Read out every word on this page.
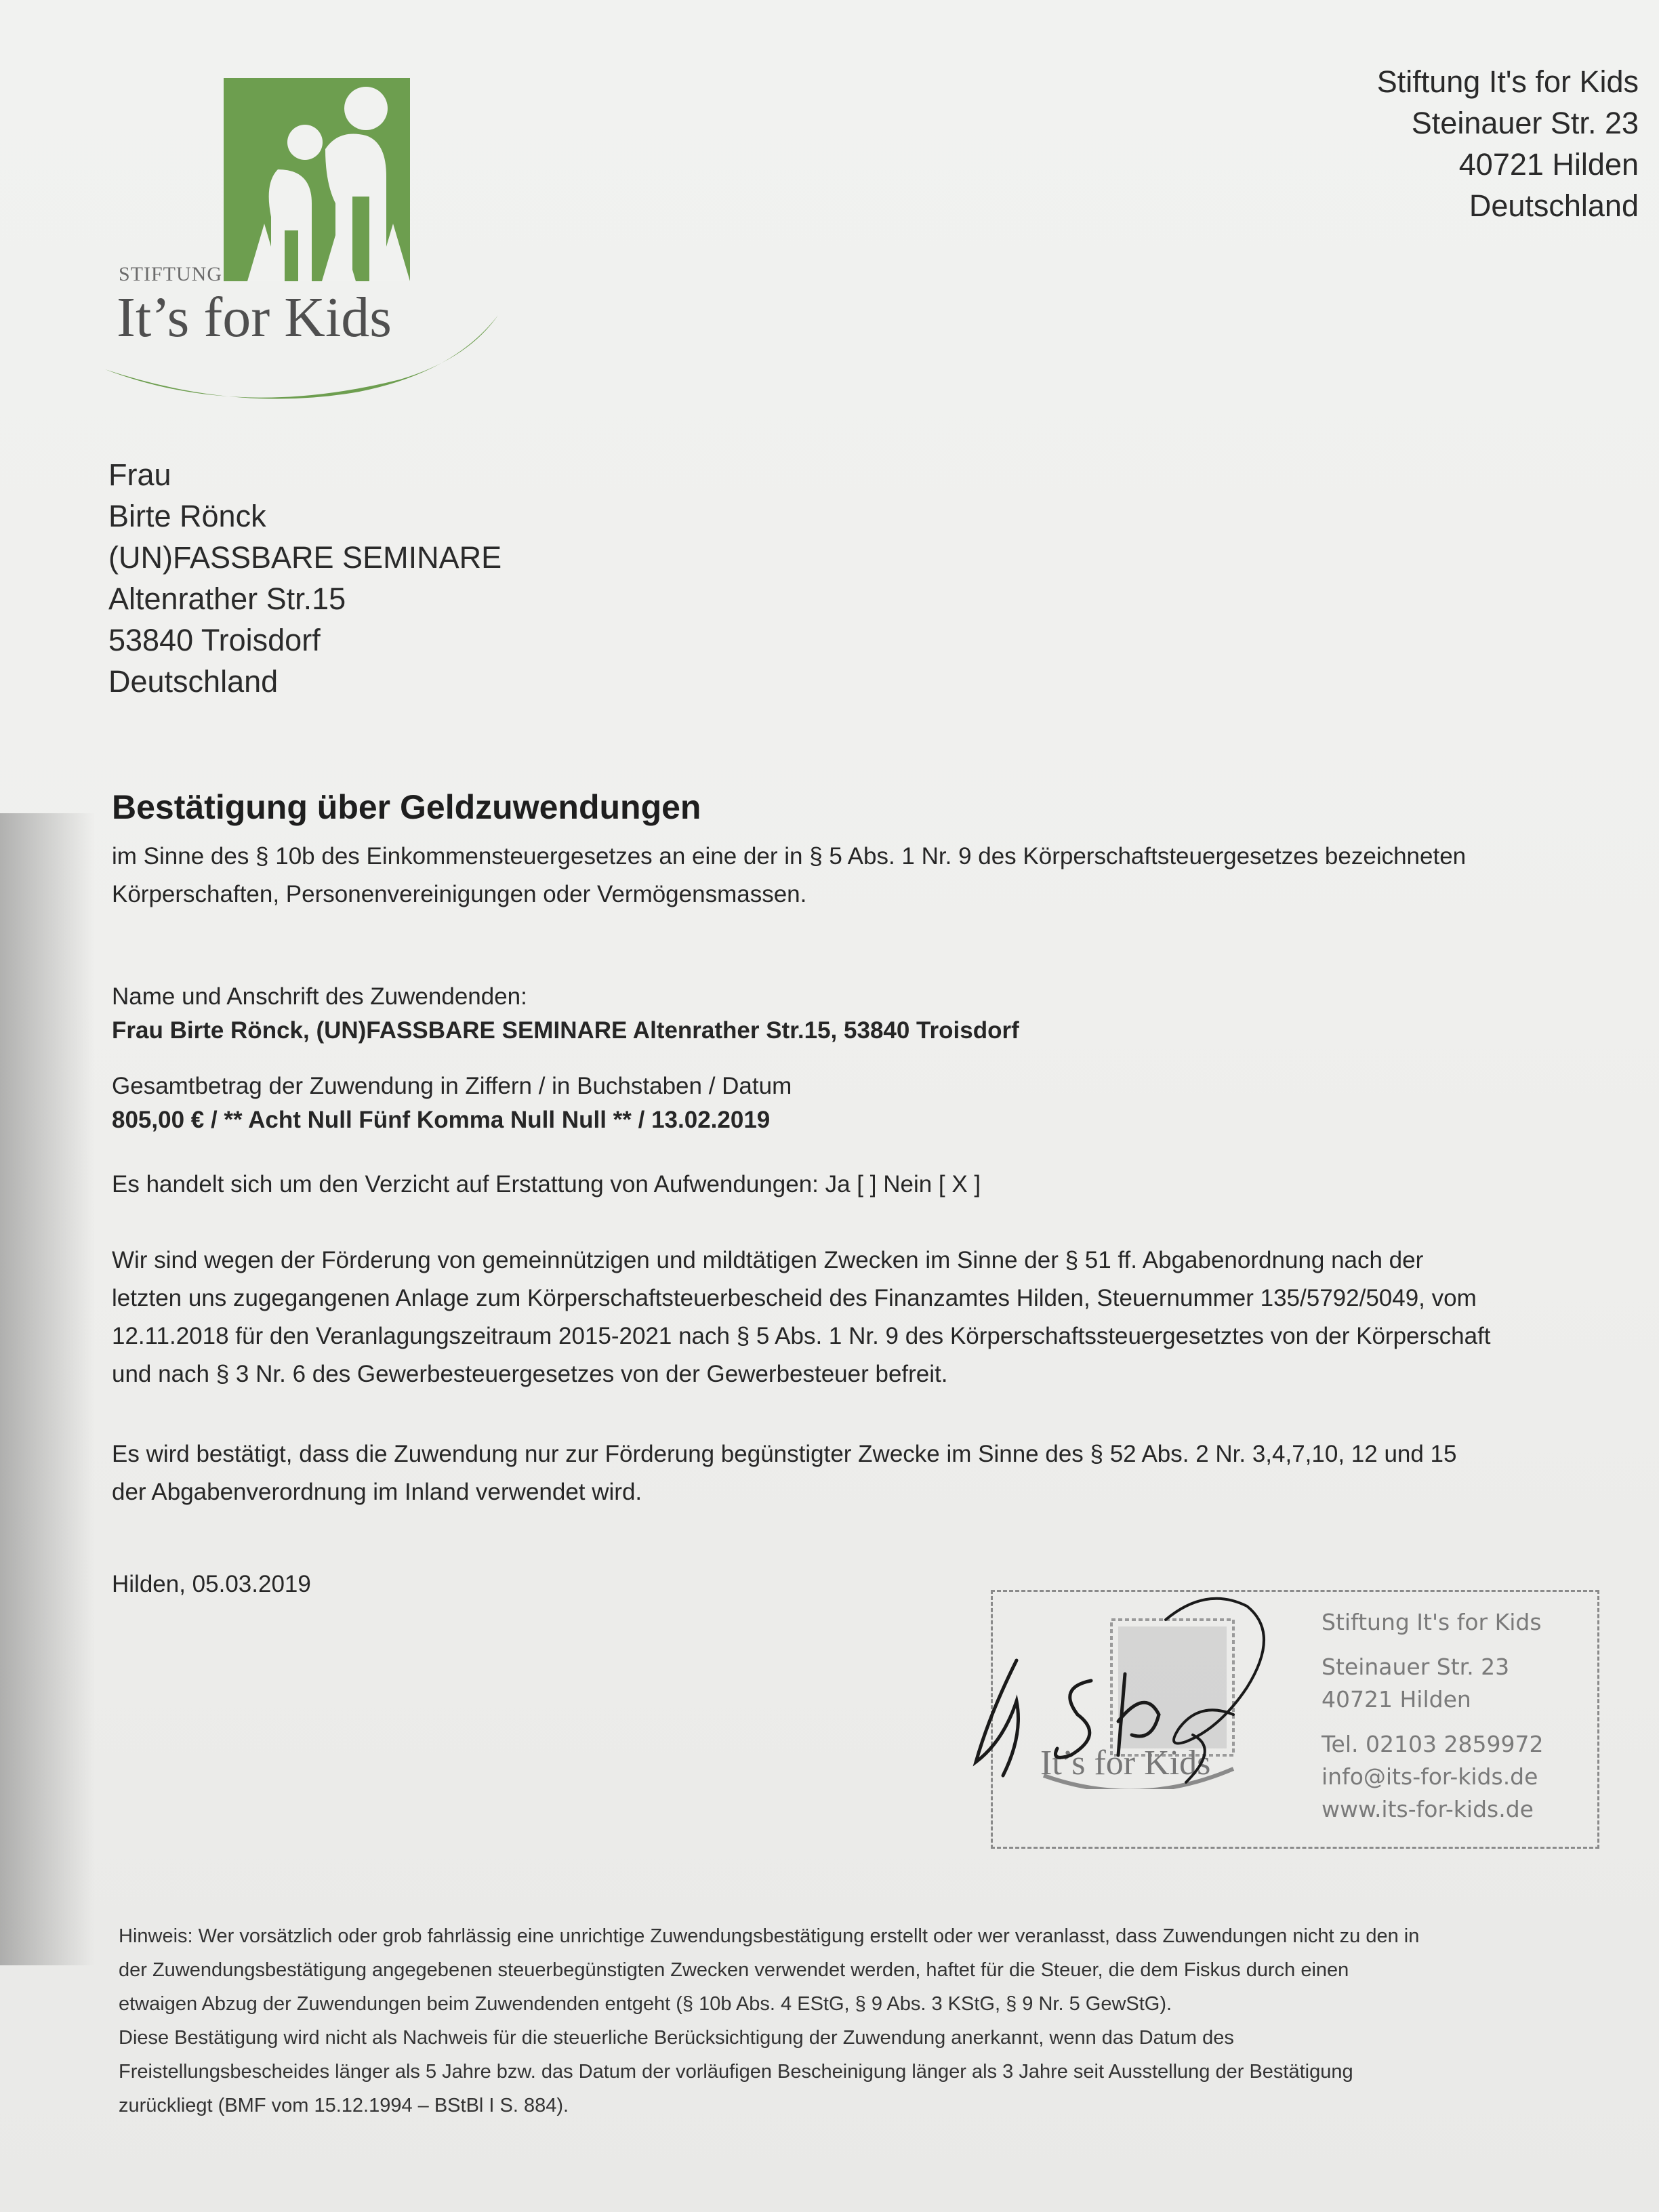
STIFTUNG
It’s for Kids
Stiftung It's for Kids
Steinauer Str. 23
40721 Hilden
Deutschland
Frau
Birte Rönck
(UN)FASSBARE SEMINARE
Altenrather Str.15
53840 Troisdorf
Deutschland
Bestätigung über Geldzuwendungen
im Sinne des § 10b des Einkommensteuergesetzes an eine der in § 5 Abs. 1 Nr. 9 des Körperschaftsteuergesetzes bezeichneten
Körperschaften, Personenvereinigungen oder Vermögensmassen.
Name und Anschrift des Zuwendenden:
Frau Birte Rönck, (UN)FASSBARE SEMINARE Altenrather Str.15, 53840 Troisdorf
Gesamtbetrag der Zuwendung in Ziffern / in Buchstaben / Datum
805,00 € / ** Acht Null Fünf Komma Null Null ** / 13.02.2019
Es handelt sich um den Verzicht auf Erstattung von Aufwendungen: Ja [ ] Nein [ X ]
Wir sind wegen der Förderung von gemeinnützigen und mildtätigen Zwecken im Sinne der § 51 ff. Abgabenordnung nach der
letzten uns zugegangenen Anlage zum Körperschaftsteuerbescheid des Finanzamtes Hilden, Steuernummer 135/5792/5049, vom
12.11.2018 für den Veranlagungszeitraum 2015-2021 nach § 5 Abs. 1 Nr. 9 des Körperschaftssteuergesetztes von der Körperschaft
und nach § 3 Nr. 6 des Gewerbesteuergesetzes von der Gewerbesteuer befreit.
Es wird bestätigt, dass die Zuwendung nur zur Förderung begünstigter Zwecke im Sinne des § 52 Abs. 2 Nr. 3,4,7,10, 12 und 15
der Abgabenverordnung im Inland verwendet wird.
Hilden, 05.03.2019
It’s for Kids
Stiftung It's for Kids
Steinauer Str. 23
40721 Hilden
Tel. 02103 2859972
info@its-for-kids.de
www.its-for-kids.de
Hinweis: Wer vorsätzlich oder grob fahrlässig eine unrichtige Zuwendungsbestätigung erstellt oder wer veranlasst, dass Zuwendungen nicht zu den in
der Zuwendungsbestätigung angegebenen steuerbegünstigten Zwecken verwendet werden, haftet für die Steuer, die dem Fiskus durch einen
etwaigen Abzug der Zuwendungen beim Zuwendenden entgeht (§ 10b Abs. 4 EStG, § 9 Abs. 3 KStG, § 9 Nr. 5 GewStG).
Diese Bestätigung wird nicht als Nachweis für die steuerliche Berücksichtigung der Zuwendung anerkannt, wenn das Datum des
Freistellungsbescheides länger als 5 Jahre bzw. das Datum der vorläufigen Bescheinigung länger als 3 Jahre seit Ausstellung der Bestätigung
zurückliegt (BMF vom 15.12.1994 – BStBl I S. 884).
